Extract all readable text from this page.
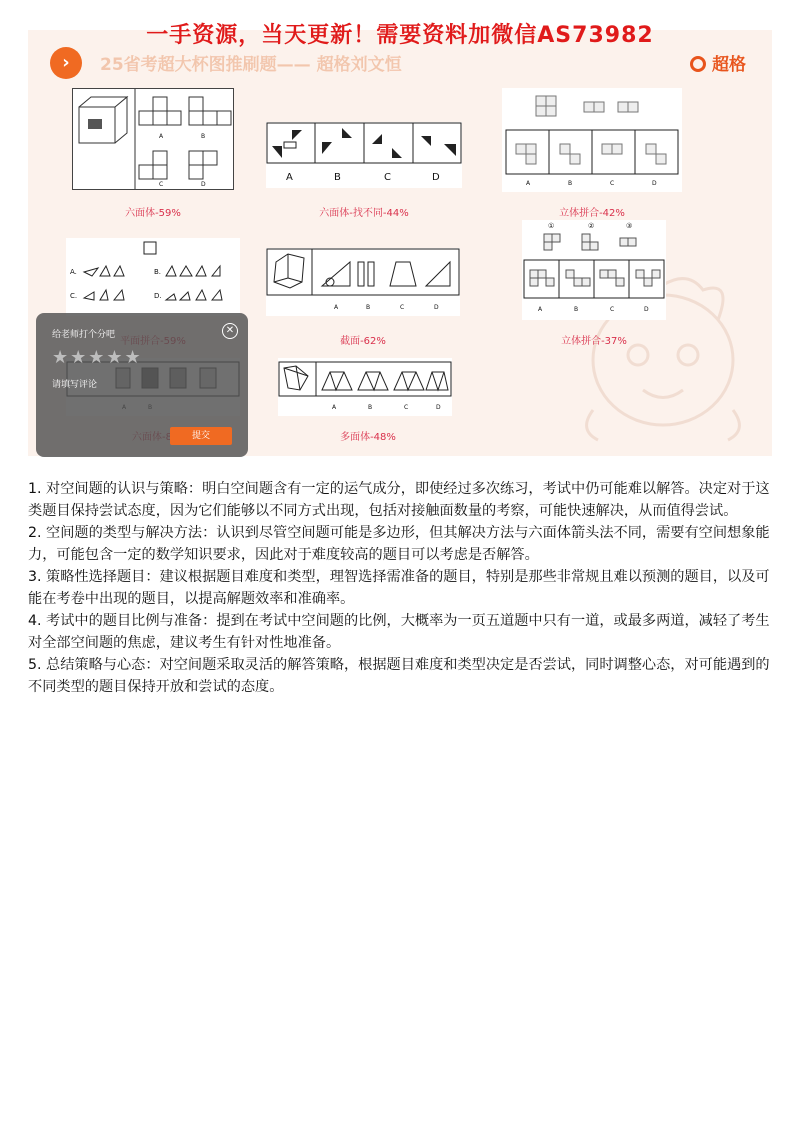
一手资源，当天更新！需要资料加微信AS73982
›	25省考超大杯图推刷题—— 超格刘文恒	超格
A	B
C	D
六面体-59%
A	B	C	D
六面体-找不同-44%
A	B	C	D
立体拼合-42%
A.	B.
C.	D.
A	B	C	D
截面-62%
①	②	③
A	B	C	D
立体拼合-37%
A	B	C	D
多面体-48%
给老师打个分吧	✕
★★★★★
请填写评论
提交

1. 对空间题的认识与策略：明白空间题含有一定的运气成分，即使经过多次练习，考试中仍可能难以解答。决定对于这类题目保持尝试态度，因为它们能够以不同方式出现，包括对接触面数量的考察，可能快速解决，从而值得尝试。

2. 空间题的类型与解决方法：认识到尽管空间题可能是多边形，但其解决方法与六面体箭头法不同，需要有空间想象能力，可能包含一定的数学知识要求，因此对于难度较高的题目可以考虑是否解答。

3. 策略性选择题目：建议根据题目难度和类型，理智选择需准备的题目，特别是那些非常规且难以预测的题目，以及可能在考卷中出现的题目，以提高解题效率和准确率。

4. 考试中的题目比例与准备：提到在考试中空间题的比例，大概率为一页五道题中只有一道，或最多两道，减轻了考生对全部空间题的焦虑，建议考生有针对性地准备。

5. 总结策略与心态：对空间题采取灵活的解答策略，根据题目难度和类型决定是否尝试，同时调整心态，对可能遇到的不同类型的题目保持开放和尝试的态度。
